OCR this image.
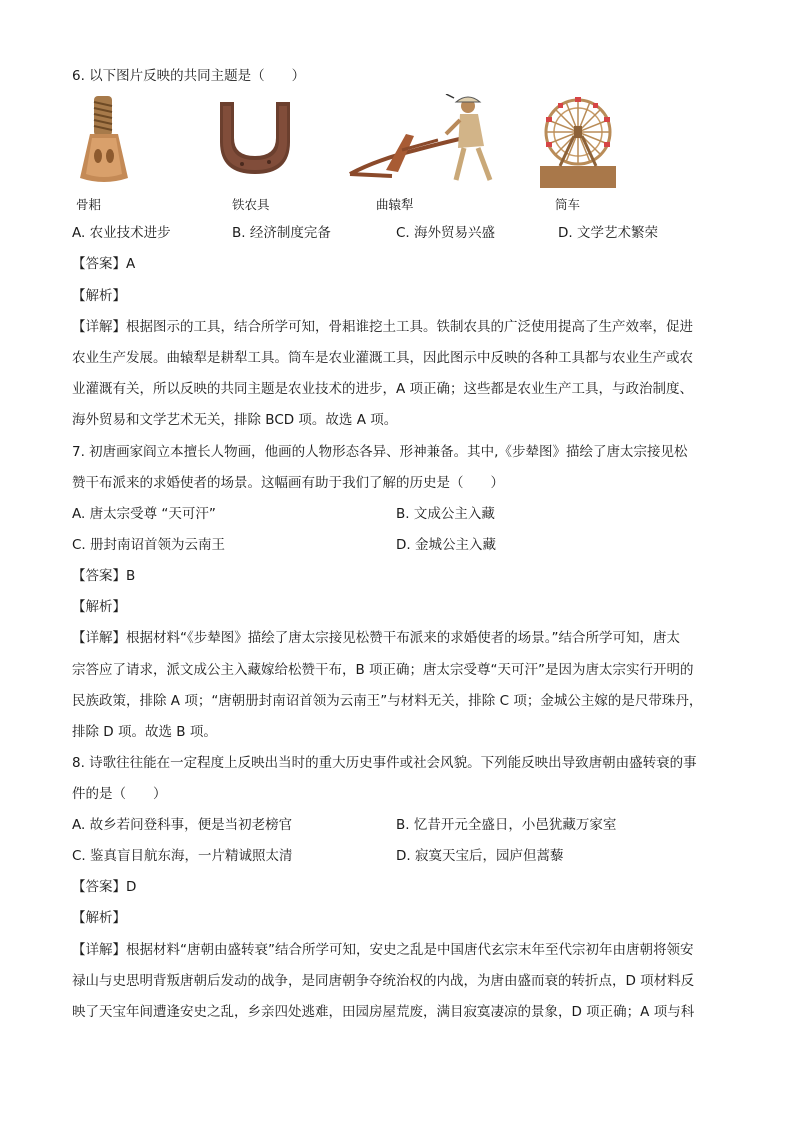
6. 以下图片反映的共同主题是（　　）
骨耜	铁农具	曲辕犁	筒车
A. 农业技术进步	B. 经济制度完备	C. 海外贸易兴盛	D. 文学艺术繁荣
【答案】A
【解析】
【详解】根据图示的工具，结合所学可知，骨耜谁挖土工具。铁制农具的广泛使用提高了生产效率，促进
农业生产发展。曲辕犁是耕犁工具。筒车是农业灌溉工具，因此图示中反映的各种工具都与农业生产或农
业灌溉有关，所以反映的共同主题是农业技术的进步，A 项正确；这些都是农业生产工具，与政治制度、
海外贸易和文学艺术无关，排除 BCD 项。故选 A 项。
7. 初唐画家阎立本擅长人物画，他画的人物形态各异、形神兼备。其中,《步辇图》描绘了唐太宗接见松
赞干布派来的求婚使者的场景。这幅画有助于我们了解的历史是（　　）
A. 唐太宗受尊 “天可汗”	B. 文成公主入藏
C. 册封南诏首领为云南王	D. 金城公主入藏
【答案】B
【解析】
【详解】根据材料“《步辇图》描绘了唐太宗接见松赞干布派来的求婚使者的场景。”结合所学可知，唐太
宗答应了请求，派文成公主入藏嫁给松赞干布，B 项正确；唐太宗受尊“天可汗”是因为唐太宗实行开明的
民族政策，排除 A 项；“唐朝册封南诏首领为云南王”与材料无关，排除 C 项；金城公主嫁的是尺带珠丹，
排除 D 项。故选 B 项。
8. 诗歌往往能在一定程度上反映出当时的重大历史事件或社会风貌。下列能反映出导致唐朝由盛转衰的事
件的是（　　）
A. 故乡若问登科事，便是当初老榜官	B. 忆昔开元全盛日，小邑犹藏万家室
C. 鉴真盲目航东海，一片精诚照太清	D. 寂寞天宝后，园庐但蒿藜
【答案】D
【解析】
【详解】根据材料“唐朝由盛转衰”结合所学可知，安史之乱是中国唐代玄宗末年至代宗初年由唐朝将领安
禄山与史思明背叛唐朝后发动的战争，是同唐朝争夺统治权的内战，为唐由盛而衰的转折点，D 项材料反
映了天宝年间遭逢安史之乱，乡亲四处逃难，田园房屋荒废，满目寂寞凄凉的景象，D 项正确；A 项与科
